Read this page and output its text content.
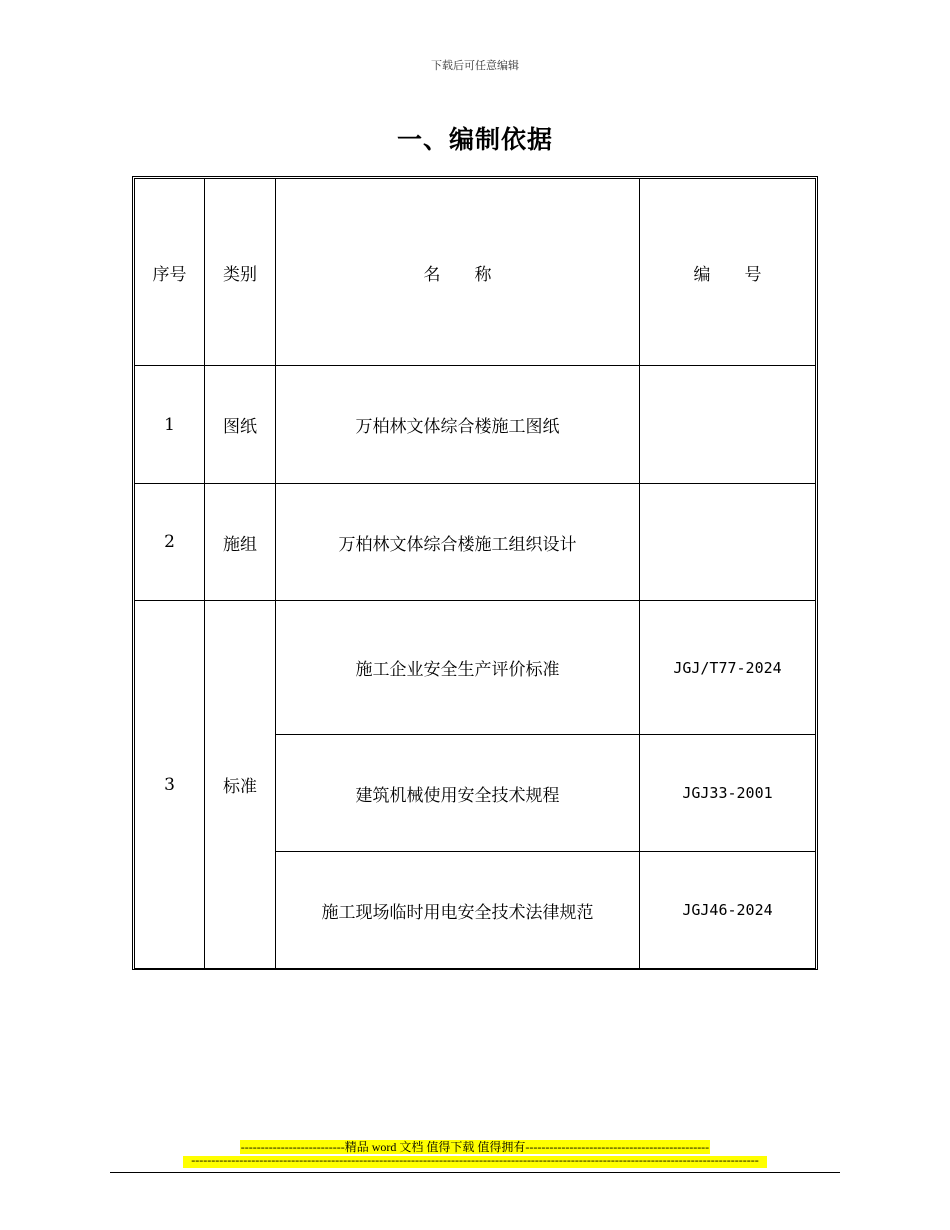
下载后可任意编辑
一、编制依据
序号	类别	名　　称	编　　号
1	图纸	万柏林文体综合楼施工图纸	
2	施组	万柏林文体综合楼施工组织设计	
3	标准	施工企业安全生产评价标准	JGJ/T77-2024
		建筑机械使用安全技术规程	JGJ33-2001
		施工现场临时用电安全技术法律规范	JGJ46-2024
--------------------------精品 word 文档 值得下载 值得拥有----------------------------------------------
----------------------------------------------------------------------------------------------------------------------------------------------
